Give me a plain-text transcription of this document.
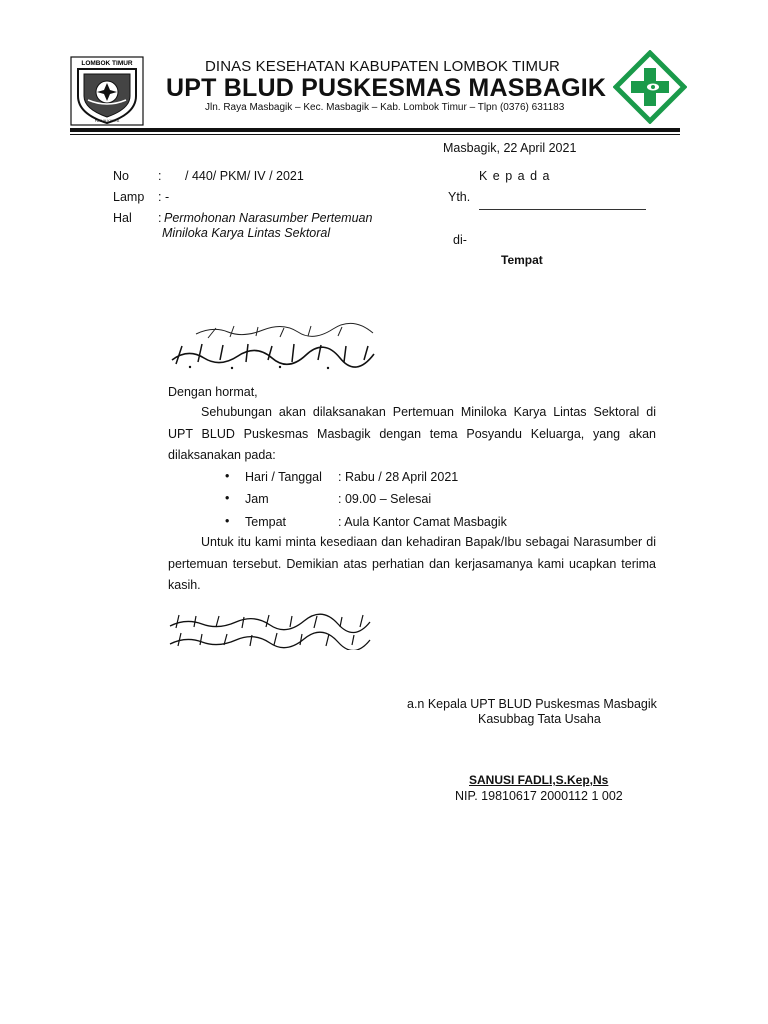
LOMBOK TIMUR
PATUH KARYA
DINAS KESEHATAN KABUPATEN LOMBOK TIMUR
UPT BLUD PUSKESMAS MASBAGIK
Jln. Raya Masbagik – Kec. Masbagik – Kab. Lombok Timur – Tlpn (0376) 631183
Masbagik, 22 April 2021
No : / 440/ PKM/ IV / 2021
Lamp : -
Hal : Permohonan Narasumber Pertemuan
Miniloka Karya Lintas Sektoral
K e p a d a
Yth.
di-
Tempat
Dengan hormat,
Sehubungan akan dilaksanakan Pertemuan Miniloka Karya Lintas Sektoral di UPT BLUD Puskesmas Masbagik dengan tema Posyandu Keluarga, yang akan dilaksanakan pada:
• Hari / Tanggal : Rabu / 28 April 2021
• Jam	: 09.00 – Selesai
• Tempat	: Aula Kantor Camat Masbagik
Untuk itu kami minta kesediaan dan kehadiran Bapak/Ibu sebagai Narasumber di pertemuan tersebut. Demikian atas perhatian dan kerjasamanya kami ucapkan terima kasih.
a.n Kepala UPT BLUD Puskesmas Masbagik
Kasubbag Tata Usaha
SANUSI FADLI,S.Kep,Ns
NIP. 19810617 2000112 1 002
